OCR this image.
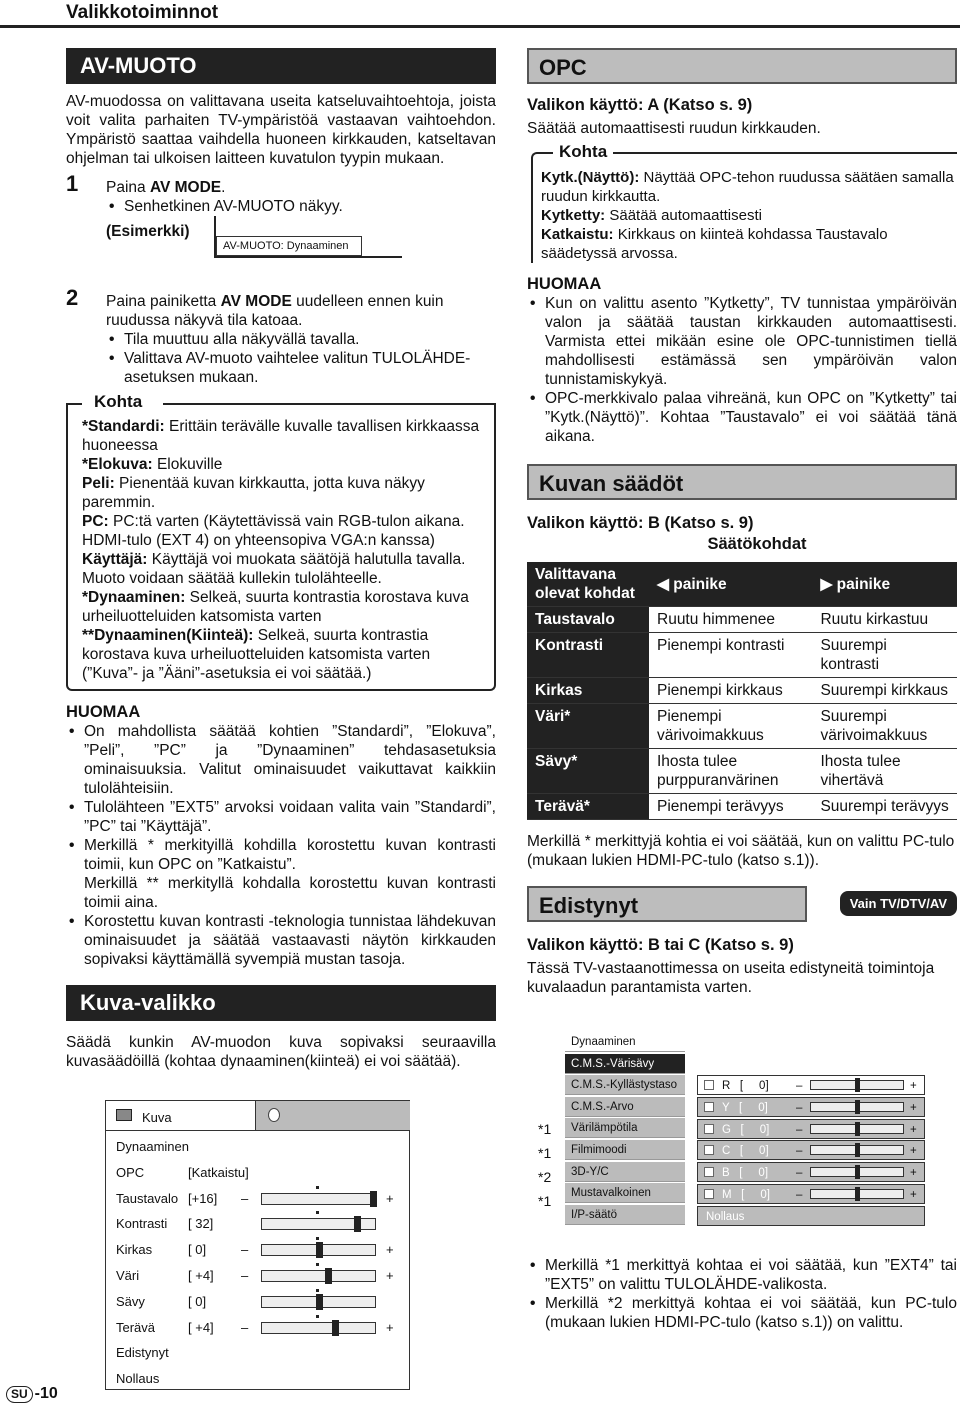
Valikkotoiminnot
AV-MUOTO

AV-muodossa on valittavana useita katseluvaihtoehtoja, joista voit valita parhaiten TV-ympäristöä vastaavan vaihtoehdon. Ympäristö saattaa vaihdella huoneen kirkkauden, katseltavan ohjelman tai ulkoisen laitteen kuvatulon tyypin mukaan.

1	Paina AV MODE.

• Senhetkinen AV-MUOTO näkyy.

(Esimerkki)
AV-MUOTO: Dynaaminen
2	Paina painiketta AV MODE uudelleen ennen kuin ruudussa näkyvä tila katoaa.

• Tila muuttuu alla näkyvällä tavalla.

• Valittava AV-muoto vaihtelee valitun TULOLÄHDE-asetuksen mukaan.

Kohta

*Standardi: Erittäin terävälle kuvalle tavallisen kirkkaassa huoneessa

*Elokuva: Elokuville

Peli: Pienentää kuvan kirkkautta, jotta kuva näkyy paremmin.

PC: PC:tä varten (Käytettävissä vain RGB-tulon aikana. HDMI-tulo (EXT 4) on yhteensopiva VGA:n kanssa)

Käyttäjä: Käyttäjä voi muokata säätöjä halutulla tavalla. Muoto voidaan säätää kullekin tulolähteelle.

*Dynaaminen: Selkeä, suurta kontrastia korostava kuva urheiluotteluiden katsomista varten

**Dynaaminen(Kiinteä): Selkeä, suurta kontrastia korostava kuva urheiluotteluiden katsomista varten (”Kuva”- ja ”Ääni”-asetuksia ei voi säätää.)

HUOMAA

• On mahdollista säätää kohtien ”Standardi”, ”Elokuva”, ”Peli”, ”PC” ja ”Dynaaminen” tehdasasetuksia ominaisuuksia. Valitut ominaisuudet vaikuttavat kaikkiin tulolähteisiin.

• Tulolähteen ”EXT5” arvoksi voidaan valita vain ”Standardi”, ”PC” tai ”Käyttäjä”.

• Merkillä * merkityillä kohdilla korostettu kuvan kontrasti toimii, kun OPC on ”Katkaistu”.
Merkillä ** merkityllä kohdalla korostettu kuvan kontrasti toimii aina.

• Korostettu kuvan kontrasti -teknologia tunnistaa lähdekuvan ominaisuudet ja säätää vastaavasti näytön kirkkauden sopivaksi käyttämällä syvempiä mustan tasoja.

Kuva-valikko

Säädä kunkin AV-muodon kuva sopivaksi seuraavilla kuvasäädöillä (kohtaa dynaaminen(kiinteä) ei voi säätää).

Kuva
Dynaaminen
OPC	[Katkaistu]
Taustavalo [+16] –	+
Kontrasti [ 32]
Kirkas	[ 0]	–	+
Väri	[ +4] –	+
Sävy	[ 0]
Terävä	[ +4] –	+
Edistynyt
Nollaus
OPC

Valikon käyttö: A (Katso s. 9)

Säätää automaattisesti ruudun kirkkauden.

Kohta

Kytk.(Näyttö): Näyttää OPC-tehon ruudussa säätäen samalla ruudun kirkkautta.

Kytketty: Säätää automaattisesti

Katkaistu: Kirkkaus on kiinteä kohdassa Taustavalo säädetyssä arvossa.

HUOMAA

• Kun on valittu asento ”Kytketty”, TV tunnistaa ympäröivän valon ja säätää taustan kirkkauden automaattisesti. Varmista ettei mikään esine ole OPC-tunnistimen tiellä mahdollisesti estämässä sen ympäröivän valon tunnistamiskykyä.

• OPC-merkkivalo palaa vihreänä, kun OPC on ”Kytketty” tai ”Kytk.(Näyttö)”. Kohtaa ”Taustavalo” ei voi säätää tänä aikana.

Kuvan säädöt

Valikon käyttö: B (Katso s. 9)

Säätökohdat

Valittavana olevat kohdat	◀ painike	▶ painike
Taustavalo	Ruutu himmenee	Ruutu kirkastuu
Kontrasti	Pienempi kontrasti	Suurempi kontrasti
Kirkas	Pienempi kirkkaus	Suurempi kirkkaus
Väri*	Pienempi värivoimakkuus	Suurempi värivoimakkuus
Sävy*	Ihosta tulee purppuranvärinen	Ihosta tulee vihertävä
Terävä*	Pienempi terävyys	Suurempi terävyys

Merkillä * merkittyjä kohtia ei voi säätää, kun on valittu PC-tulo (mukaan lukien HDMI-PC-tulo (katso s.1)).

Edistynyt	Vain TV/DTV/AV

Valikon käyttö: B tai C (Katso s. 9)

Tässä TV-vastaanottimessa on useita edistyneitä toimintoja kuvalaadun parantamista varten.

*1
*1
*2
*1
Dynaaminen
C.M.S.-Värisävy
C.M.S.-Kyllästystaso
C.M.S.-Arvo
Värilämpötila
Filmimoodi
3D-Y/C
Mustavalkoinen
I/P-säätö
R   [     0] –	+
Y   [     0] –	+
G   [     0] –	+
C   [     0] –	+
B   [     0] –	+
M   [     0] –	+
Nollaus

• Merkillä *1 merkittyä kohtaa ei voi säätää, kun ”EXT4” tai ”EXT5” on valittu TULOLÄHDE-valikosta.

• Merkillä *2 merkittyä kohtaa ei voi säätää, kun PC-tulo (mukaan lukien HDMI-PC-tulo (katso s.1)) on valittu.

SU -10
